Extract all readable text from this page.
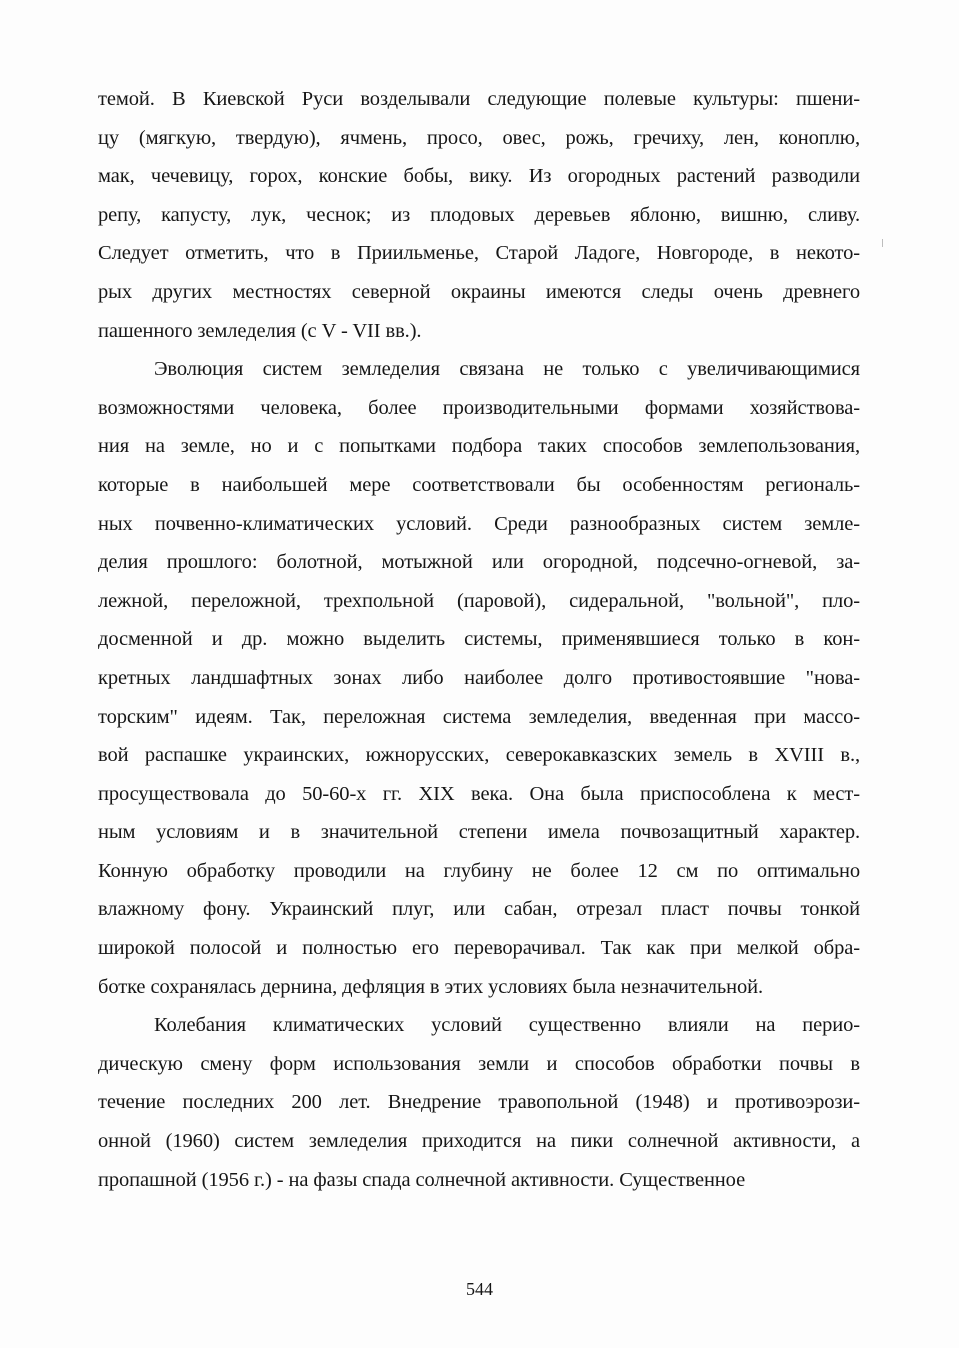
темой. В Киевской Руси возделывали следующие полевые культуры: пшени-
цу (мягкую, твердую), ячмень, просо, овес, рожь, гречиху, лен, коноплю,
мак, чечевицу, горох, конские бобы, вику. Из огородных растений разводили
репу, капусту, лук, чеснок; из плодовых деревьев яблоню, вишню, сливу.
Следует отметить, что в Приильменье, Старой Ладоге, Новгороде, в некото-
рых других местностях северной окраины имеются следы очень древнего
пашенного земледелия (с V - VII вв.).

Эволюция систем земледелия связана не только с увеличивающимися
возможностями человека, более производительными формами хозяйствова-
ния на земле, но и с попытками подбора таких способов землепользования,
которые в наибольшей мере соответствовали бы особенностям региональ-
ных почвенно-климатических условий. Среди разнообразных систем земле-
делия прошлого: болотной, мотыжной или огородной, подсечно-огневой, за-
лежной, переложной, трехпольной (паровой), сидеральной, "вольной", пло-
досменной и др. можно выделить системы, применявшиеся только в кон-
кретных ландшафтных зонах либо наиболее долго противостоявшие "нова-
торским" идеям. Так, переложная система земледелия, введенная при массо-
вой распашке украинских, южнорусских, северокавказских земель в XVIII в.,
просуществовала до 50-60-х гг. XIX века. Она была приспособлена к мест-
ным условиям и в значительной степени имела почвозащитный характер.
Конную обработку проводили на глубину не более 12 см по оптимально
влажному фону. Украинский плуг, или сабан, отрезал пласт почвы тонкой
широкой полосой и полностью его переворачивал. Так как при мелкой обра-
ботке сохранялась дернина, дефляция в этих условиях была незначительной.

Колебания климатических условий существенно влияли на перио-
дическую смену форм использования земли и способов обработки почвы в
течение последних 200 лет. Внедрение травопольной (1948) и противоэрози-
онной (1960) систем земледелия приходится на пики солнечной активности, а
пропашной (1956 г.) - на фазы спада солнечной активности. Существенное

544
